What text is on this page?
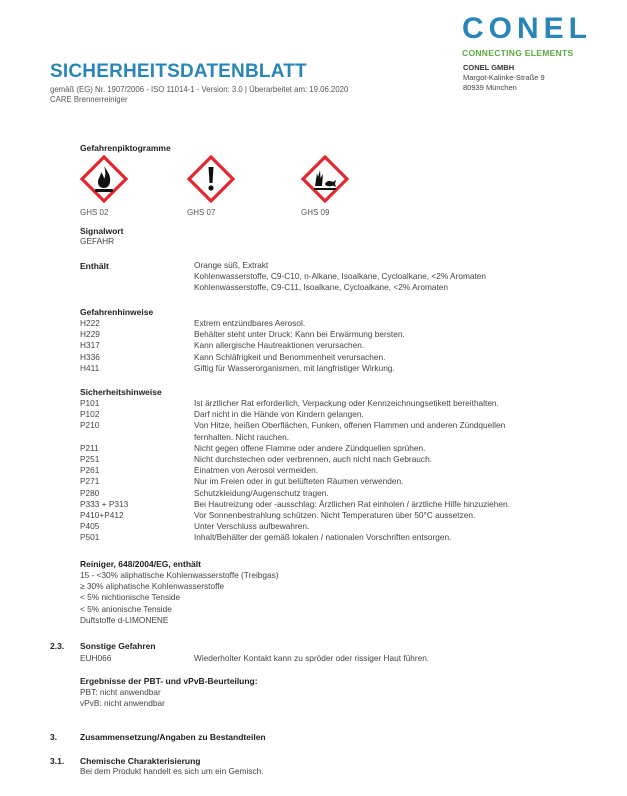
CONEL
CONNECTING ELEMENTS
CONEL GMBH
Margot-Kalinke-Straße 9
80939 München
SICHERHEITSDATENBLATT
gemäß (EG) Nr. 1907/2006 - ISO 11014-1 - Version: 3.0 | Überarbeitet am: 19.06.2020
CARE Brennerreiniger
Gefahrenpiktogramme
GHS 02	GHS 07	GHS 09
Signalwort
GEFAHR
Enthält	Orange süß, Extrakt
Kohlenwasserstoffe, C9-C10, n-Alkane, Isoalkane, Cycloalkane, <2% Aromaten
Kohlenwasserstoffe, C9-C11, Isoalkane, Cycloalkane, <2% Aromaten
Gefahrenhinweise
H222	Extrem entzündbares Aerosol.
H229	Behälter steht unter Druck: Kann bei Erwärmung bersten.
H317	Kann allergische Hautreaktionen verursachen.
H336	Kann Schläfrigkeit und Benommenheit verursachen.
H411	Giftig für Wasserorganismen, mit langfristiger Wirkung.
Sicherheitshinweise
P101	Ist ärztlicher Rat erforderlich, Verpackung oder Kennzeichnungsetikett bereithalten.
P102	Darf nicht in die Hände von Kindern gelangen.
P210	Von Hitze, heißen Oberflächen, Funken, offenen Flammen und anderen Zündquellen
fernhalten. Nicht rauchen.
P211	Nicht gegen offene Flamme oder andere Zündquellen sprühen.
P251	Nicht durchstechen oder verbrennen, auch nicht nach Gebrauch.
P261	Einatmen von Aerosol vermeiden.
P271	Nur im Freien oder in gut belüfteten Räumen verwenden.
P280	Schutzkleidung/Augenschutz tragen.
P333 + P313	Bei Hautreizung oder -ausschlag: Ärztlichen Rat einholen / ärztliche Hilfe hinzuziehen.
P410+P412	Vor Sonnenbestrahlung schützen. Nicht Temperaturen über 50°C aussetzen.
P405	Unter Verschluss aufbewahren.
P501	Inhalt/Behälter der gemäß lokalen / nationalen Vorschriften entsorgen.
Reiniger, 648/2004/EG, enthält
15 - <30% aliphatische Kohlenwasserstoffe (Treibgas)
≥ 30% aliphatische Kohlenwasserstoffe
< 5% nichtionische Tenside
< 5% anionische Tenside
Duftstoffe d-LIMONENE
2.3. Sonstige Gefahren
EUH066	Wiederholter Kontakt kann zu spröder oder rissiger Haut führen.
Ergebnisse der PBT- und vPvB-Beurteilung:
PBT: nicht anwendbar
vPvB: nicht anwendbar
3.	Zusammensetzung/Angaben zu Bestandteilen
3.1. Chemische Charakterisierung
Bei dem Produkt handelt es sich um ein Gemisch.
